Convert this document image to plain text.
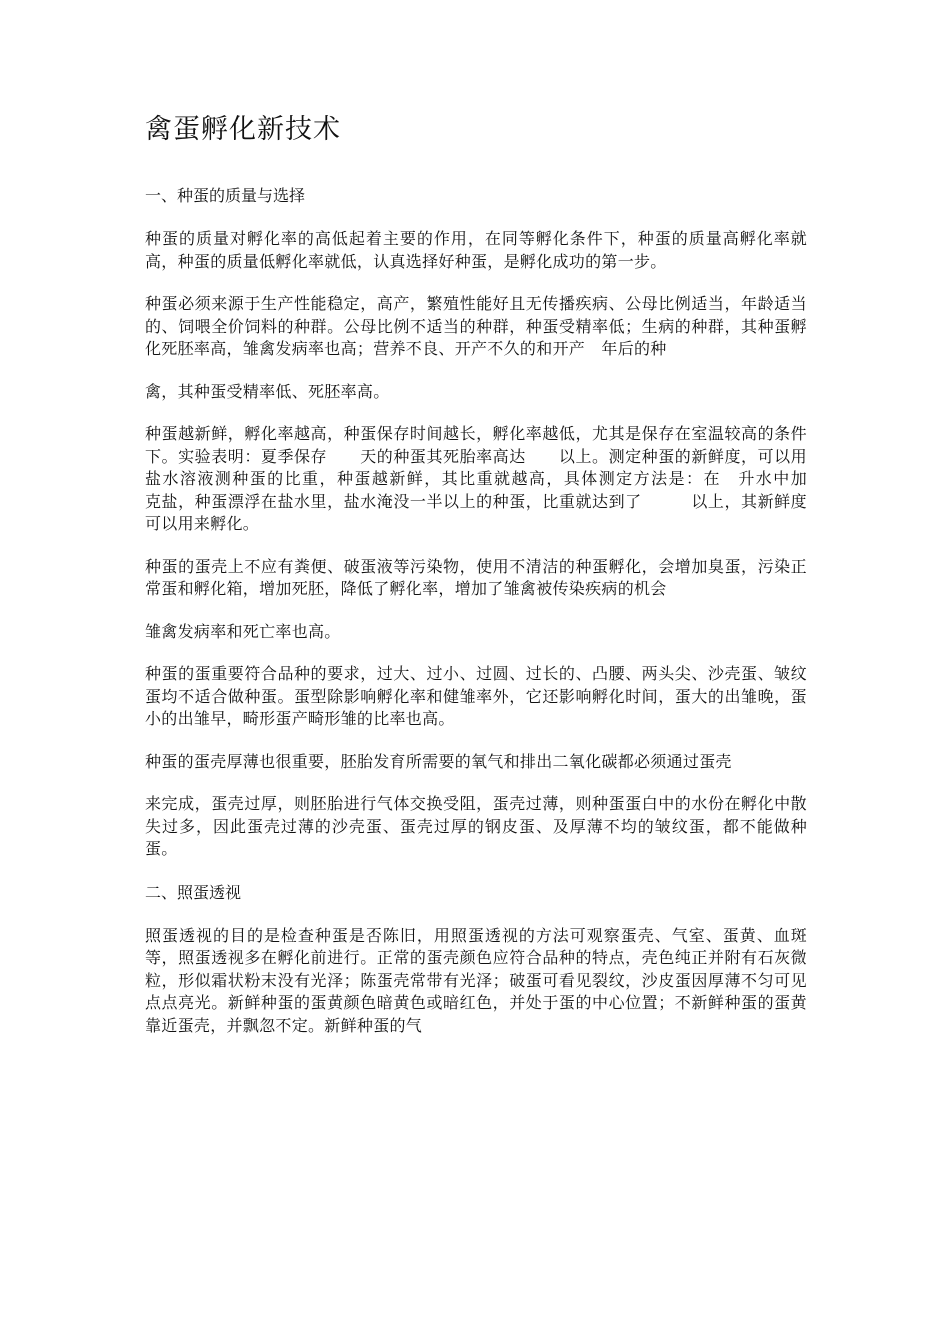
禽蛋孵化新技术
一、种蛋的质量与选择

种蛋的质量对孵化率的高低起着主要的作用，在同等孵化条件下，种蛋的质量高孵化率就高，种蛋的质量低孵化率就低，认真选择好种蛋，是孵化成功的第一步。

种蛋必须来源于生产性能稳定，高产，繁殖性能好且无传播疾病、公母比例适当，年龄适当的、饲喂全价饲料的种群。公母比例不适当的种群，种蛋受精率低；生病的种群，其种蛋孵化死胚率高，雏禽发病率也高；营养不良、开产不久的和开产　年后的种

禽，其种蛋受精率低、死胚率高。

种蛋越新鲜，孵化率越高，种蛋保存时间越长，孵化率越低，尤其是保存在室温较高的条件下。实验表明：夏季保存　　天的种蛋其死胎率高达　　以上。测定种蛋的新鲜度，可以用盐水溶液测种蛋的比重，种蛋越新鲜，其比重就越高，具体测定方法是：在　升水中加　　克盐，种蛋漂浮在盐水里，盐水淹没一半以上的种蛋，比重就达到了　　　以上，其新鲜度可以用来孵化。

种蛋的蛋壳上不应有粪便、破蛋液等污染物，使用不清洁的种蛋孵化，会增加臭蛋，污染正常蛋和孵化箱，增加死胚，降低了孵化率，增加了雏禽被传染疾病的机会

雏禽发病率和死亡率也高。

种蛋的蛋重要符合品种的要求，过大、过小、过圆、过长的、凸腰、两头尖、沙壳蛋、皱纹蛋均不适合做种蛋。蛋型除影响孵化率和健雏率外，它还影响孵化时间，蛋大的出雏晚，蛋小的出雏早，畸形蛋产畸形雏的比率也高。

种蛋的蛋壳厚薄也很重要，胚胎发育所需要的氧气和排出二氧化碳都必须通过蛋壳

来完成，蛋壳过厚，则胚胎进行气体交换受阻，蛋壳过薄，则种蛋蛋白中的水份在孵化中散失过多，因此蛋壳过薄的沙壳蛋、蛋壳过厚的钢皮蛋、及厚薄不均的皱纹蛋，都不能做种蛋。

二、照蛋透视

照蛋透视的目的是检查种蛋是否陈旧，用照蛋透视的方法可观察蛋壳、气室、蛋黄、血斑等，照蛋透视多在孵化前进行。正常的蛋壳颜色应符合品种的特点，壳色纯正并附有石灰微粒，形似霜状粉末没有光泽；陈蛋壳常带有光泽；破蛋可看见裂纹，沙皮蛋因厚薄不匀可见点点亮光。新鲜种蛋的蛋黄颜色暗黄色或暗红色，并处于蛋的中心位置；不新鲜种蛋的蛋黄靠近蛋壳，并飘忽不定。新鲜种蛋的气
